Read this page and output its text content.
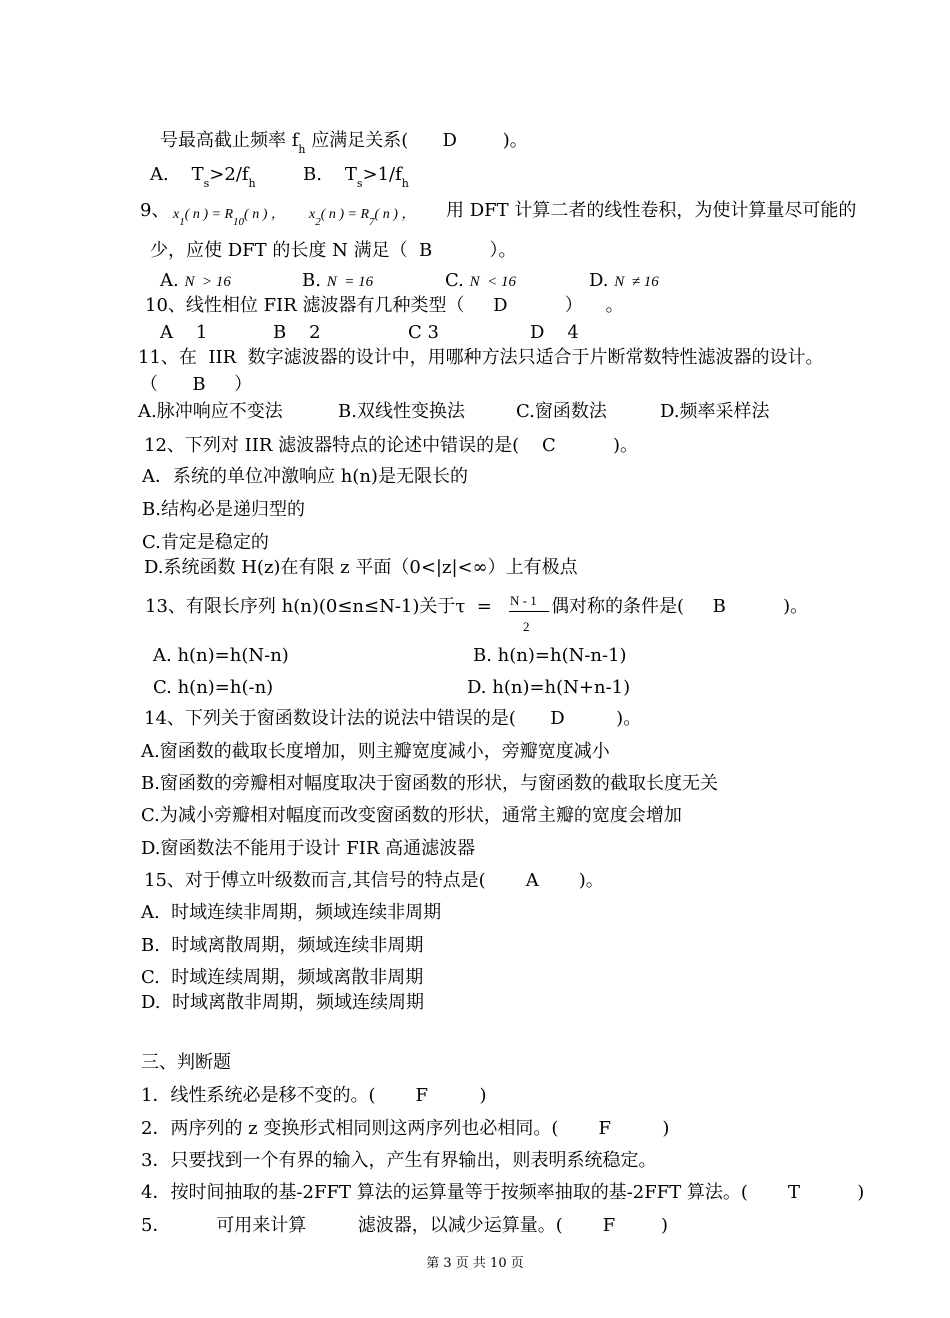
号最高截止频率 $f_h$ 应满足关系(      D        )。
A.    $T_s>2/f_h$	B.    $T_s>1/f_h$
9、 $x_1$( n ) = $R_{10}$( n ) ， $x_2$( n ) = $R_7$( n ) ， 用 DFT 计算二者的线性卷积，为使计算量尽可能的
少，应使 DFT 的长度 N 满足（  B          ）。
A. N  > 16	B. N  = 16	C. N  < 16	D. N  ≠ 16
10、线性相位 FIR 滤波器有几种类型（     D          ）    。
A    1	B    2	C 3	D    4
11、在  IIR  数字滤波器的设计中，用哪种方法只适合于片断常数特性滤波器的设计。
（      B     ）
A.脉冲响应不变法	B.双线性变换法	C.窗函数法	D.频率采样法
12、下列对 IIR 滤波器特点的论述中错误的是(    C          )。
A．系统的单位冲激响应 h(n)是无限长的
B.结构必是递归型的
C.肯定是稳定的
D.系统函数 H(z)在有限 z 平面（0<|z|<∞）上有极点
13、有限长序列 h(n)(0≤n≤N-1)关于τ  = N - 1
2
偶对称的条件是(     B          )。
A. h(n)=h(N-n)	B. h(n)=h(N-n-1)
C. h(n)=h(-n)	D. h(n)=h(N+n-1)
14、下列关于窗函数设计法的说法中错误的是(      D         )。
A.窗函数的截取长度增加，则主瓣宽度减小，旁瓣宽度减小
B.窗函数的旁瓣相对幅度取决于窗函数的形状，与窗函数的截取长度无关
C.为减小旁瓣相对幅度而改变窗函数的形状，通常主瓣的宽度会增加
D.窗函数法不能用于设计 FIR 高通滤波器
15、对于傅立叶级数而言,其信号的特点是(       A       )。
A.  时域连续非周期，频域连续非周期
B.  时域离散周期，频域连续非周期
C.  时域连续周期，频域离散非周期
D.  时域离散非周期，频域连续周期
三、判断题
1．线性系统必是移不变的。(       F         )
2．两序列的 z 变换形式相同则这两序列也必相同。(       F         )
3．只要找到一个有界的输入，产生有界输出，则表明系统稳定。
4．按时间抽取的基-2FFT 算法的运算量等于按频率抽取的基-2FFT 算法。(       T          )
5．        可用来计算         滤波器，以减少运算量。(       F        )
第 3 页 共 10 页
